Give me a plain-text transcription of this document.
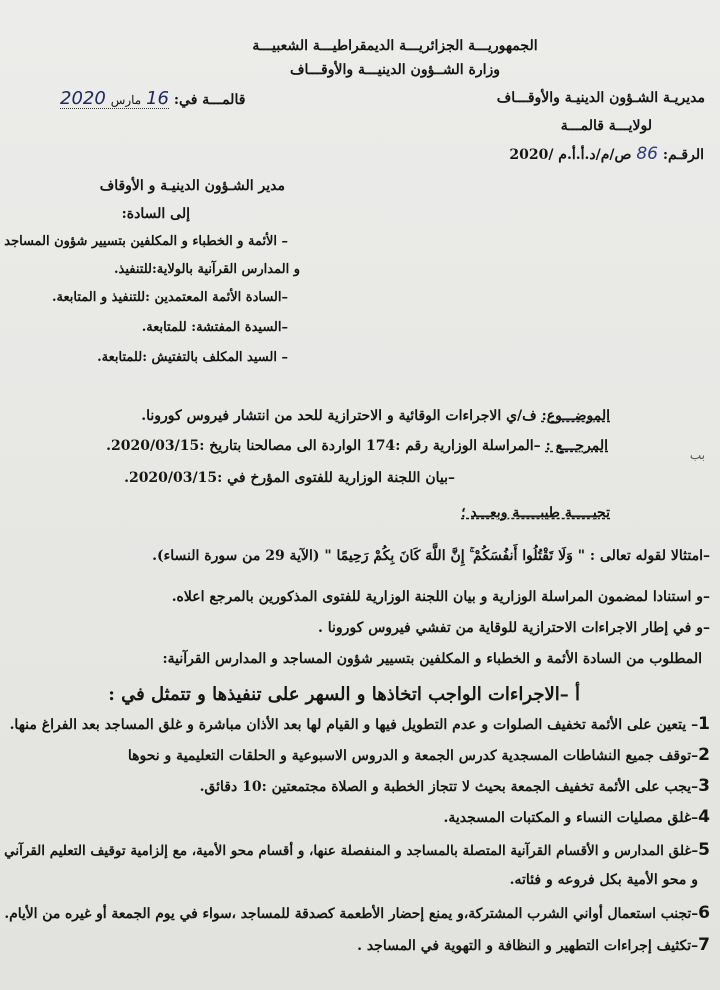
الجمهوريـــة الجزائريـــة الديمقراطيـــة الشعبيـــة
وزارة الشــؤون الدينيـــة والأوقـــاف
مديريـة الشـؤون الدينيـة والأوقـــاف
لولايـــة قالمـــة
الرقـم: 86 ص/م/د.أ.أ.م /2020
قالمـــة في: 16 مارس 2020
مدير الشـؤون الدينيـة و الأوقاف
إلى السادة:
– الأئمة و الخطباء و المكلفين بتسيير شؤون المساجد
و المدارس القرآنية بالولاية:للتنفيذ.
–السادة الأئمة المعتمدين :للتنفيذ و المتابعة.
–السيدة المفتشة: للمتابعة.
– السيد المكلف بالتفتيش :للمتابعة.
الموضـــوع: ف/ي الاجراءات الوقائية و الاحترازية للحد من انتشار فيروس كورونا.
المرجـــع : –المراسلة الوزارية رقم :174 الواردة الى مصالحنا بتاريخ :2020/03/15.
–بيان اللجنة الوزارية للفتوى المؤرخ في :2020/03/15.
بب
تحيـــــة طيبـــــة وبعـــد ؛
–امتثالا لقوله تعالى : " وَلَا تَقْتُلُوا أَنفُسَكُمْ ۚ إِنَّ اللَّهَ كَانَ بِكُمْ رَحِيمًا " (الآية 29 من سورة النساء).
–و استنادا لمضمون المراسلة الوزارية و بيان اللجنة الوزارية للفتوى المذكورين بالمرجع اعلاه.
–و في إطار الاجراءات الاحترازية للوقاية من تفشي فيروس كورونا .
المطلوب من السادة الأئمة و الخطباء و المكلفين بتسيير شؤون المساجد و المدارس القرآنية:
أ –الاجراءات الواجب اتخاذها و السهر على تنفيذها و تتمثل في :
1– يتعين على الأئمة تخفيف الصلوات و عدم التطويل فيها و القيام لها بعد الأذان مباشرة و غلق المساجد بعد الفراغ منها.
2–توقف جميع النشاطات المسجدية كدرس الجمعة و الدروس الاسبوعية و الحلقات التعليمية و نحوها
3–يجب على الأئمة تخفيف الجمعة بحيث لا تتجاز الخطبة و الصلاة مجتمعتين :10 دقائق.
4–غلق مصليات النساء و المكتبات المسجدية.
5–غلق المدارس و الأقسام القرآنية المتصلة بالمساجد و المنفصلة عنها، و أقسام محو الأمية، مع إلزامية توقيف التعليم القرآني
و محو الأمية بكل فروعه و فئاته.
6–تجنب استعمال أواني الشرب المشتركة،و يمنع إحضار الأطعمة كصدقة للمساجد ،سواء في يوم الجمعة أو غيره من الأيام.
7–تكثيف إجراءات التطهير و النظافة و التهوية في المساجد .
